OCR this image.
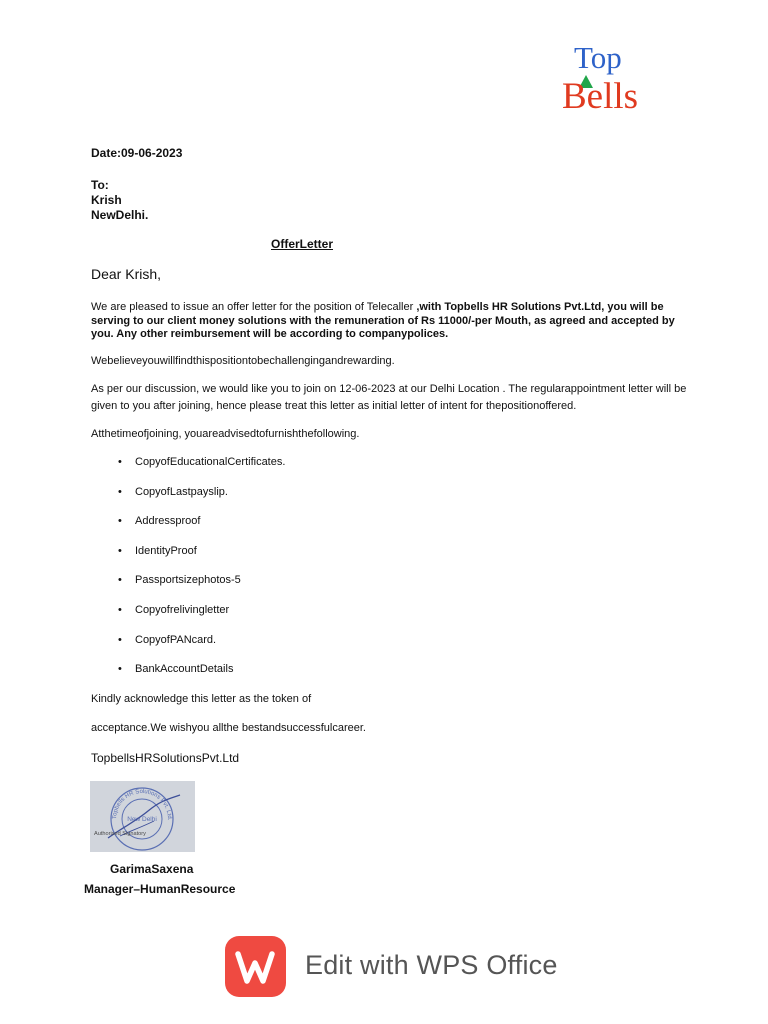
Top
Bells
Date:09-06-2023
To:
Krish
NewDelhi.
OfferLetter
Dear Krish,
We are pleased to issue an offer letter for the position of Telecaller ,with Topbells HR Solutions Pvt.Ltd, you will be serving to our client money solutions with the remuneration of Rs 11000/-per Mouth, as agreed and accepted by you. Any other reimbursement will be according to companypolices.
Webelieveyouwillfindthispositiontobechallengingandrewarding.
As per our discussion, we would like you to join on 12-06-2023 at our Delhi Location . The regularappointment letter will be given to you after joining, hence please treat this letter as initial letter of intent for thepositionoffered.
Atthetimeofjoining, youareadvisedtofurnishthefollowing.
• CopyofEducationalCertificates.
• CopyofLastpayslip.
• Addressproof
• IdentityProof
• Passportsizephotos-5
• Copyofrelivingletter
• CopyofPANcard.
• BankAccountDetails
Kindly acknowledge this letter as the token of
acceptance.We wishyou allthe bestandsuccessfulcareer.
TopbellsHRSolutionsPvt.Ltd
Topbells HR Solutions Pvt. Ltd.
New Delhi
Authorised Signatory
GarimaSaxena
Manager–HumanResource
Edit with WPS Office
